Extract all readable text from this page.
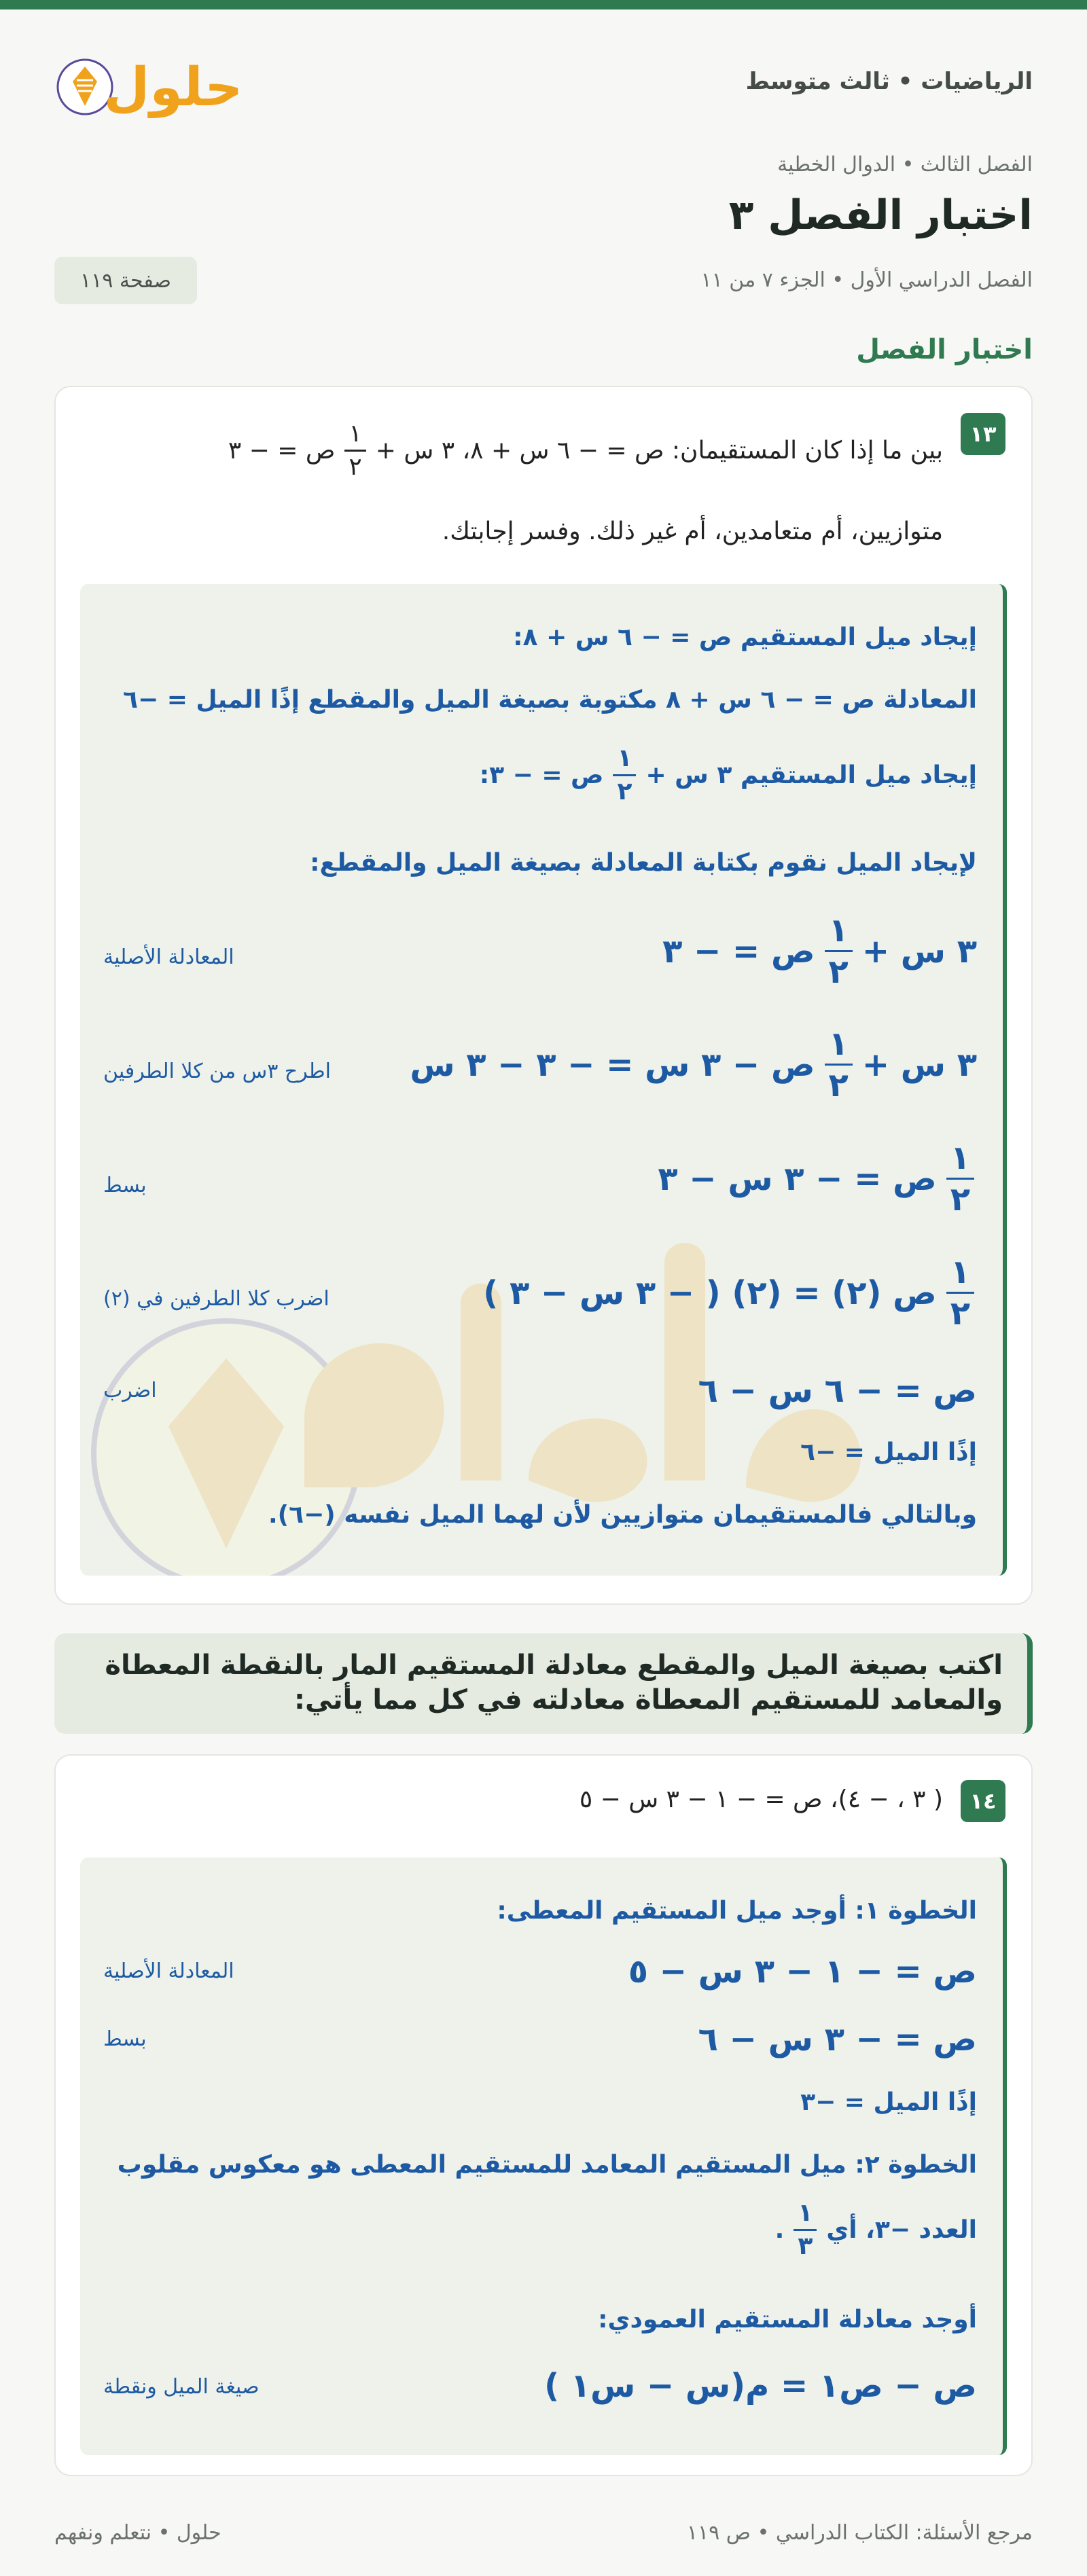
الرياضيات • ثالث متوسط
حلول
الفصل الثالث • الدوال الخطية
اختبار الفصل ٣
الفصل الدراسي الأول • الجزء ٧ من ١١
صفحة ١١٩
اختبار الفصل
١٣
بين ما إذا كان المستقيمان: ص = − ٦ س + ٨، ٣ س +
$\frac{١}{٢}$
ص = − ٣
متوازيين، أم متعامدين، أم غير ذلك. وفسر إجابتك.
إيجاد ميل المستقيم ص = − ٦ س + ٨:
المعادلة ص = − ٦ س + ٨ مكتوبة بصيغة الميل والمقطع إذًا الميل = −٦
إيجاد ميل المستقيم ٣ س +
$\frac{١}{٢}$
ص = − ٣:
لإيجاد الميل نقوم بكتابة المعادلة بصيغة الميل والمقطع:
٣ س +
$\frac{١}{٢}$
ص = − ٣
المعادلة الأصلية
٣ س +
$\frac{١}{٢}$
ص − ٣ س = − ٣ − ٣ س
اطرح ٣س من كلا الطرفين
$\frac{١}{٢}$
ص = − ٣ س − ٣
بسط
$\frac{١}{٢}$
ص (٢) = (٢) ( − ٣ س − ٣ )
اضرب كلا الطرفين في (٢)
ص = − ٦ س − ٦
اضرب
إذًا الميل = −٦
وبالتالي فالمستقيمان متوازيين لأن لهما الميل نفسه (−٦).
اكتب بصيغة الميل والمقطع معادلة المستقيم المار بالنقطة المعطاة والمعامد للمستقيم المعطاة معادلته في كل مما يأتي:
١٤
( ٣ ، − ٤)، ص = − ١ − ٣ س − ٥
الخطوة ١: أوجد ميل المستقيم المعطى:
ص = − ١ − ٣ س − ٥
المعادلة الأصلية
ص = − ٣ س − ٦
بسط
إذًا الميل = −٣
الخطوة ٢: ميل المستقيم المعامد للمستقيم المعطى هو معكوس مقلوب
العدد −٣، أي
$\frac{١}{٣}$
.
أوجد معادلة المستقيم العمودي:
ص − ص١ = م(س − س١ )
صيغة الميل ونقطة
مرجع الأسئلة: الكتاب الدراسي • ص ١١٩
حلول • نتعلم ونفهم
